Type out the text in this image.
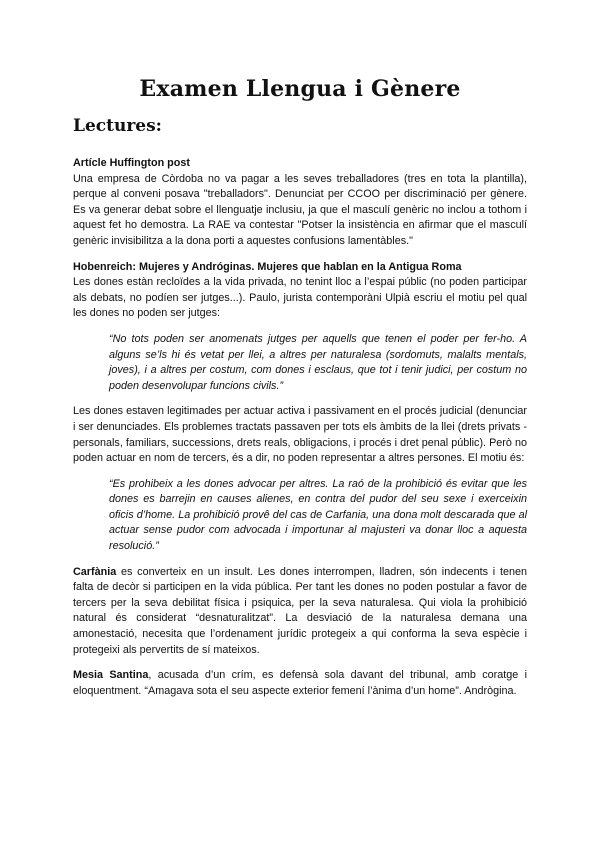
Examen Llengua i Gènere
Lectures:

Artícle Huffington post

Una empresa de Còrdoba no va pagar a les seves treballadores (tres en tota la plantilla), perque al conveni posava "treballadors". Denunciat per CCOO per discriminació per gènere. Es va generar debat sobre el llenguatje inclusiu, ja que el masculí genèric no inclou a tothom i aquest fet ho demostra. La RAE va contestar "Potser la insistència en afirmar que el masculí genèric invisibilitza a la dona porti a aquestes confusions lamentàbles."

Hobenreich: Mujeres y Andróginas. Mujeres que hablan en la Antigua Roma

Les dones estàn recloïdes a la vida privada, no tenint lloc a l’espai públic (no poden participar als debats, no podíen ser jutges...). Paulo, jurista contemporàni Ulpià escriu el motiu pel qual les dones no poden ser jutges:

“No tots poden ser anomenats jutges per aquells que tenen el poder per fer-ho. A alguns se’ls hi és vetat per llei, a altres per naturalesa (sordomuts, malalts mentals, joves), i a altres per costum, com dones i esclaus, que tot i tenir judici, per costum no poden desenvolupar funcions civils.”

Les dones estaven legitimades per actuar activa i passivament en el procés judicial (denunciar i ser denunciades. Els problemes tractats passaven per tots els àmbits de la llei (drets privats - personals, familiars, successions, drets reals, obligacions, i procés i dret penal públic). Però no poden actuar en nom de tercers, és a dir, no poden representar a altres persones. El motiu és:

“Es prohibeix a les dones advocar per altres. La raó de la prohibició és evitar que les dones es barrejin en causes alienes, en contra del pudor del seu sexe i exerceixin oficis d’home. La prohibició provê del cas de Carfania, una dona molt descarada que al actuar sense pudor com advocada i importunar al majusteri va donar lloc a aquesta resolució.”

Carfània es converteix en un insult. Les dones interrompen, lladren, són indecents i tenen falta de decòr si participen en la vida pública. Per tant les dones no poden postular a favor de tercers per la seva debilitat física i psiquica, per la seva naturalesa. Qui viola la prohibició natural és considerat “desnaturalitzat”. La desviació de la naturalesa demana una amonestació, necesita que l’ordenament jurídic protegeix a qui conforma la seva espècie i protegeixi als pervertits de sí mateixos.

Mesia Santina, acusada d’un crím, es defensà sola davant del tribunal, amb coratge i eloquentment. “Amagava sota el seu aspecte exterior femení l’ànima d’un home”. Andrògina.
